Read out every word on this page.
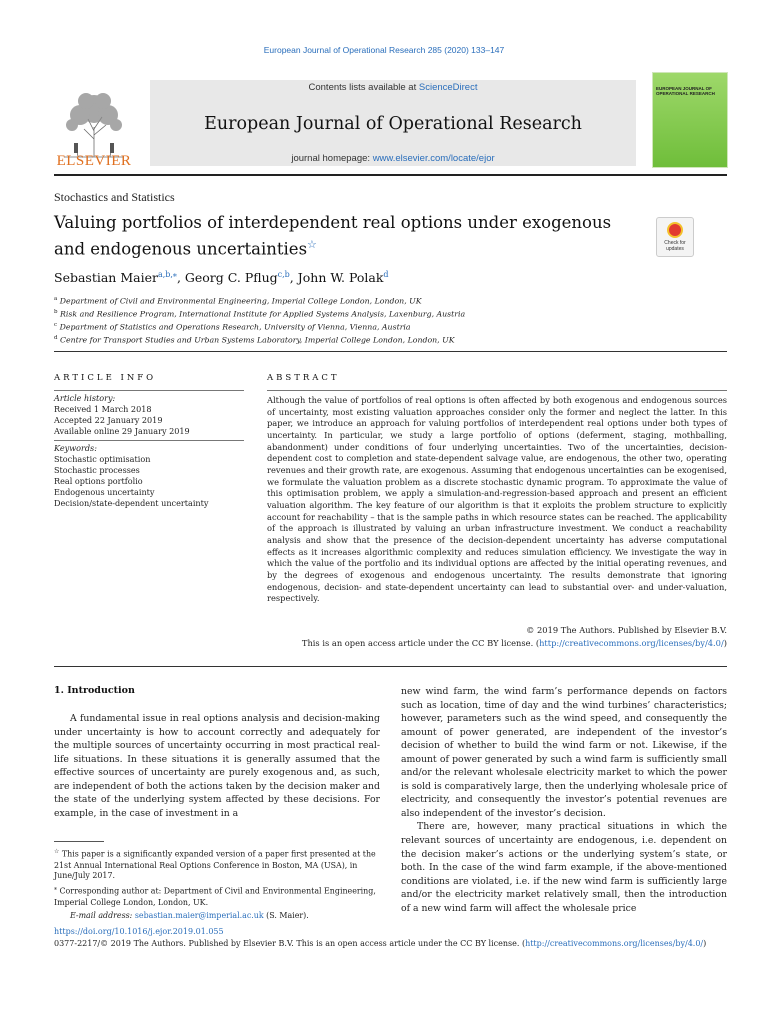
European Journal of Operational Research 285 (2020) 133–147
Contents lists available at ScienceDirect
European Journal of Operational Research
journal homepage: www.elsevier.com/locate/ejor
ELSEVIER
EUROPEAN JOURNAL OF OPERATIONAL RESEARCH
Stochastics and Statistics
Valuing portfolios of interdependent real options under exogenous
and endogenous uncertainties☆	Check for updates
Sebastian Maier$^{a,b,⁎}$, Georg C. Pflug$^{c,b}$, John W. Polak$^d$
$^a$ Department of Civil and Environmental Engineering, Imperial College London, London, UK
$^b$ Risk and Resilience Program, International Institute for Applied Systems Analysis, Laxenburg, Austria
$^c$ Department of Statistics and Operations Research, University of Vienna, Vienna, Austria
$^d$ Centre for Transport Studies and Urban Systems Laboratory, Imperial College London, London, UK
ARTICLE INFO	ABSTRACT
Article history:
Received 1 March 2018
Accepted 22 January 2019
Available online 29 January 2019
Keywords:
Stochastic optimisation
Stochastic processes
Real options portfolio
Endogenous uncertainty
Decision/state-dependent uncertainty
Although the value of portfolios of real options is often affected by both exogenous and endogenous sources of uncertainty, most existing valuation approaches consider only the former and neglect the latter. In this paper, we introduce an approach for valuing portfolios of interdependent real options under both types of uncertainty. In particular, we study a large portfolio of options (deferment, staging, mothballing, abandonment) under conditions of four underlying uncertainties. Two of the uncertainties, decision-dependent cost to completion and state-dependent salvage value, are endogenous, the other two, operating revenues and their growth rate, are exogenous. Assuming that endogenous uncertainties can be exogenised, we formulate the valuation problem as a discrete stochastic dynamic program. To approximate the value of this optimisation problem, we apply a simulation-and-regression-based approach and present an efficient valuation algorithm. The key feature of our algorithm is that it exploits the problem structure to explicitly account for reachability – that is the sample paths in which resource states can be reached. The applicability of the approach is illustrated by valuing an urban infrastructure investment. We conduct a reachability analysis and show that the presence of the decision-dependent uncertainty has adverse computational effects as it increases algorithmic complexity and reduces simulation efficiency. We investigate the way in which the value of the portfolio and its individual options are affected by the initial operating revenues, and by the degrees of exogenous and endogenous uncertainty. The results demonstrate that ignoring endogenous, decision- and state-dependent uncertainty can lead to substantial over- and under-valuation, respectively.
© 2019 The Authors. Published by Elsevier B.V.
This is an open access article under the CC BY license. (http://creativecommons.org/licenses/by/4.0/)
1. Introduction
A fundamental issue in real options analysis and decision-making under uncertainty is how to account correctly and adequately for the multiple sources of uncertainty occurring in most practical real-life situations. In these situations it is generally assumed that the effective sources of uncertainty are purely exogenous and, as such, are independent of both the actions taken by the decision maker and the state of the underlying system affected by these decisions. For example, in the case of investment in a

new wind farm, the wind farm’s performance depends on factors such as location, time of day and the wind turbines’ characteristics; however, parameters such as the wind speed, and consequently the amount of power generated, are independent of the investor’s decision of whether to build the wind farm or not. Likewise, if the amount of power generated by such a wind farm is sufficiently small and/or the relevant wholesale electricity market to which the power is sold is comparatively large, then the underlying wholesale price of electricity, and consequently the investor’s potential revenues are also independent of the investor’s decision.

There are, however, many practical situations in which the relevant sources of uncertainty are endogenous, i.e. dependent on the decision maker’s actions or the underlying system’s state, or both. In the case of the wind farm example, if the above-mentioned conditions are violated, i.e. if the new wind farm is sufficiently large and/or the electricity market relatively small, then the introduction of a new wind farm will affect the wholesale price

☆ This paper is a significantly expanded version of a paper first presented at the 21st Annual International Real Options Conference in Boston, MA (USA), in June/July 2017.

⁎ Corresponding author at: Department of Civil and Environmental Engineering, Imperial College London, London, UK.

E-mail address: sebastian.maier@imperial.ac.uk (S. Maier).

https://doi.org/10.1016/j.ejor.2019.01.055
0377-2217/© 2019 The Authors. Published by Elsevier B.V. This is an open access article under the CC BY license. (http://creativecommons.org/licenses/by/4.0/)
